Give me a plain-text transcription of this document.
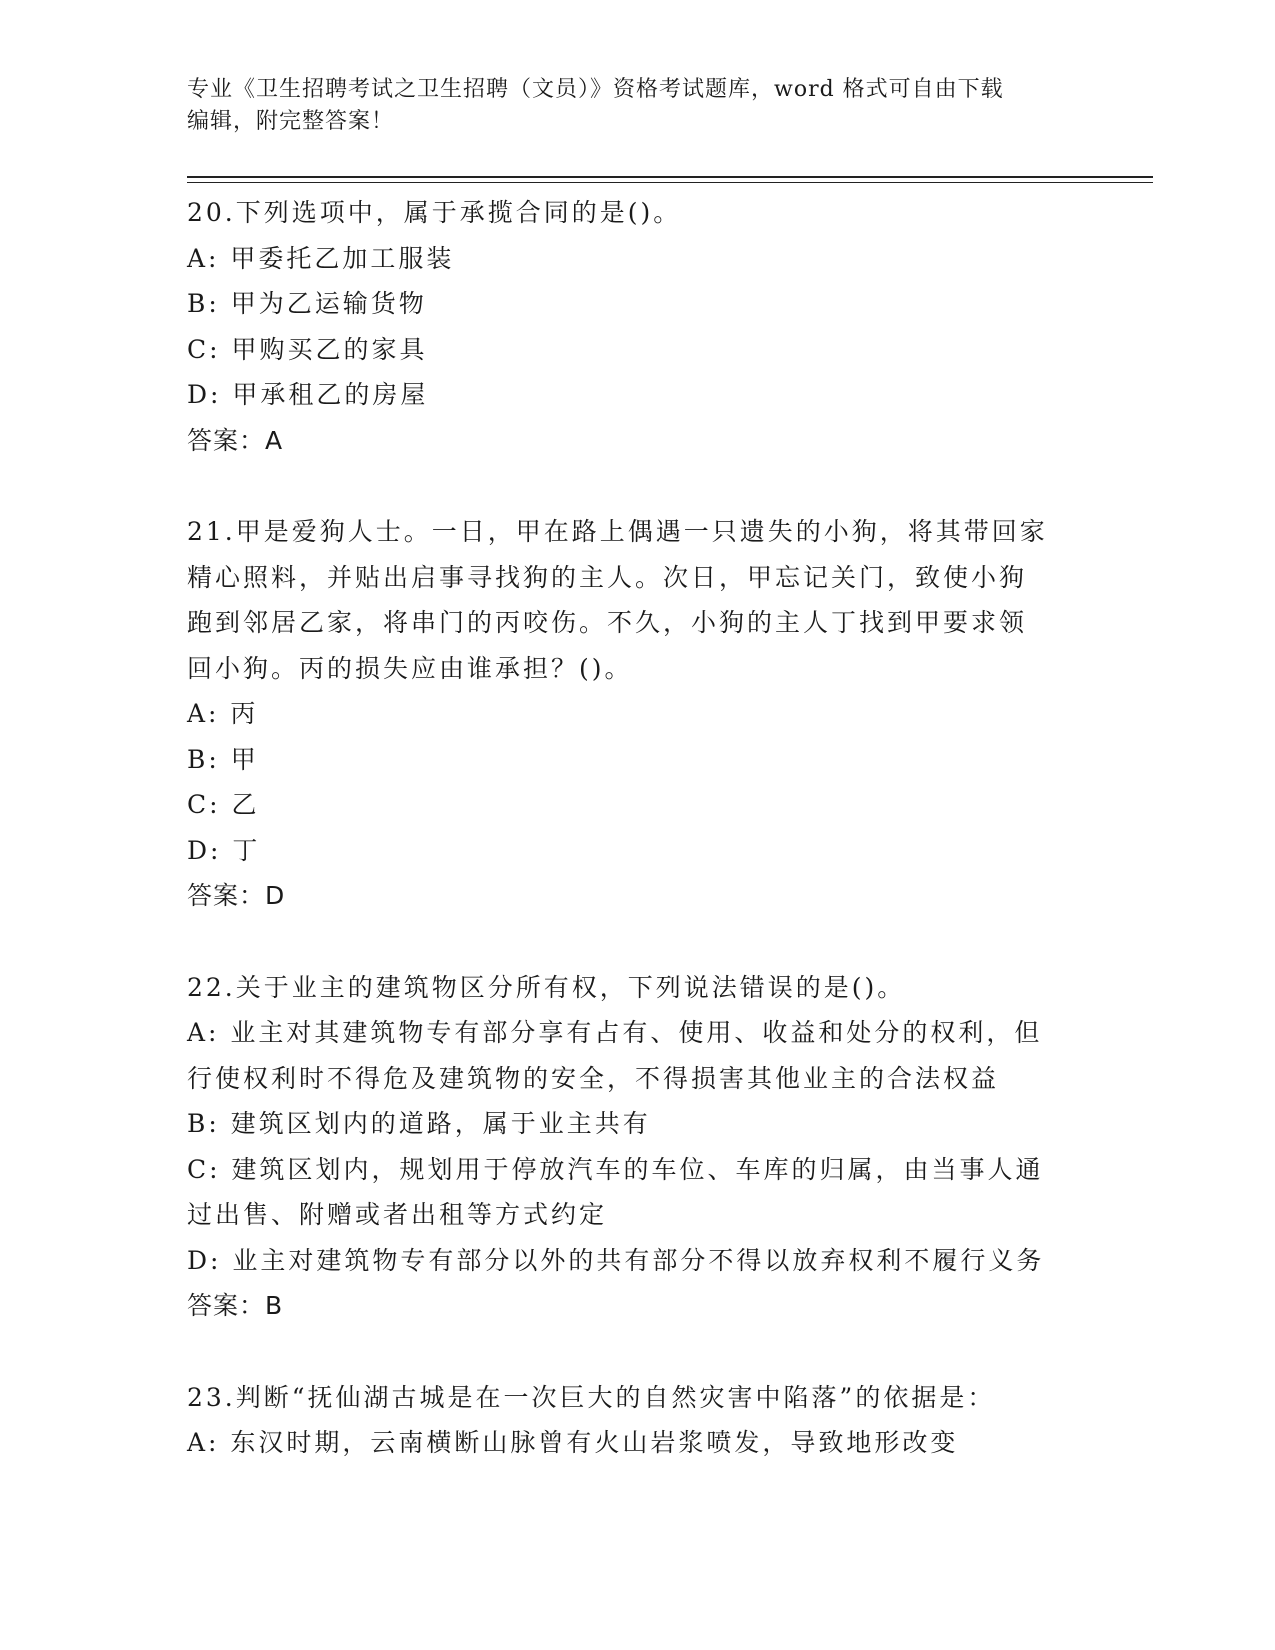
专业《卫生招聘考试之卫生招聘（文员）》资格考试题库，word 格式可自由下载
编辑，附完整答案！
20.下列选项中，属于承揽合同的是()。
A: 甲委托乙加工服装
B: 甲为乙运输货物
C: 甲购买乙的家具
D: 甲承租乙的房屋
答案：A
21.甲是爱狗人士。一日，甲在路上偶遇一只遗失的小狗，将其带回家
精心照料，并贴出启事寻找狗的主人。次日，甲忘记关门，致使小狗
跑到邻居乙家，将串门的丙咬伤。不久，小狗的主人丁找到甲要求领
回小狗。丙的损失应由谁承担？()。
A: 丙
B: 甲
C: 乙
D: 丁
答案：D
22.关于业主的建筑物区分所有权，下列说法错误的是()。
A: 业主对其建筑物专有部分享有占有、使用、收益和处分的权利，但
行使权利时不得危及建筑物的安全，不得损害其他业主的合法权益
B: 建筑区划内的道路，属于业主共有
C: 建筑区划内，规划用于停放汽车的车位、车库的归属，由当事人通
过出售、附赠或者出租等方式约定
D: 业主对建筑物专有部分以外的共有部分不得以放弃权利不履行义务
答案：B
23.判断“抚仙湖古城是在一次巨大的自然灾害中陷落”的依据是：
A: 东汉时期，云南横断山脉曾有火山岩浆喷发，导致地形改变
